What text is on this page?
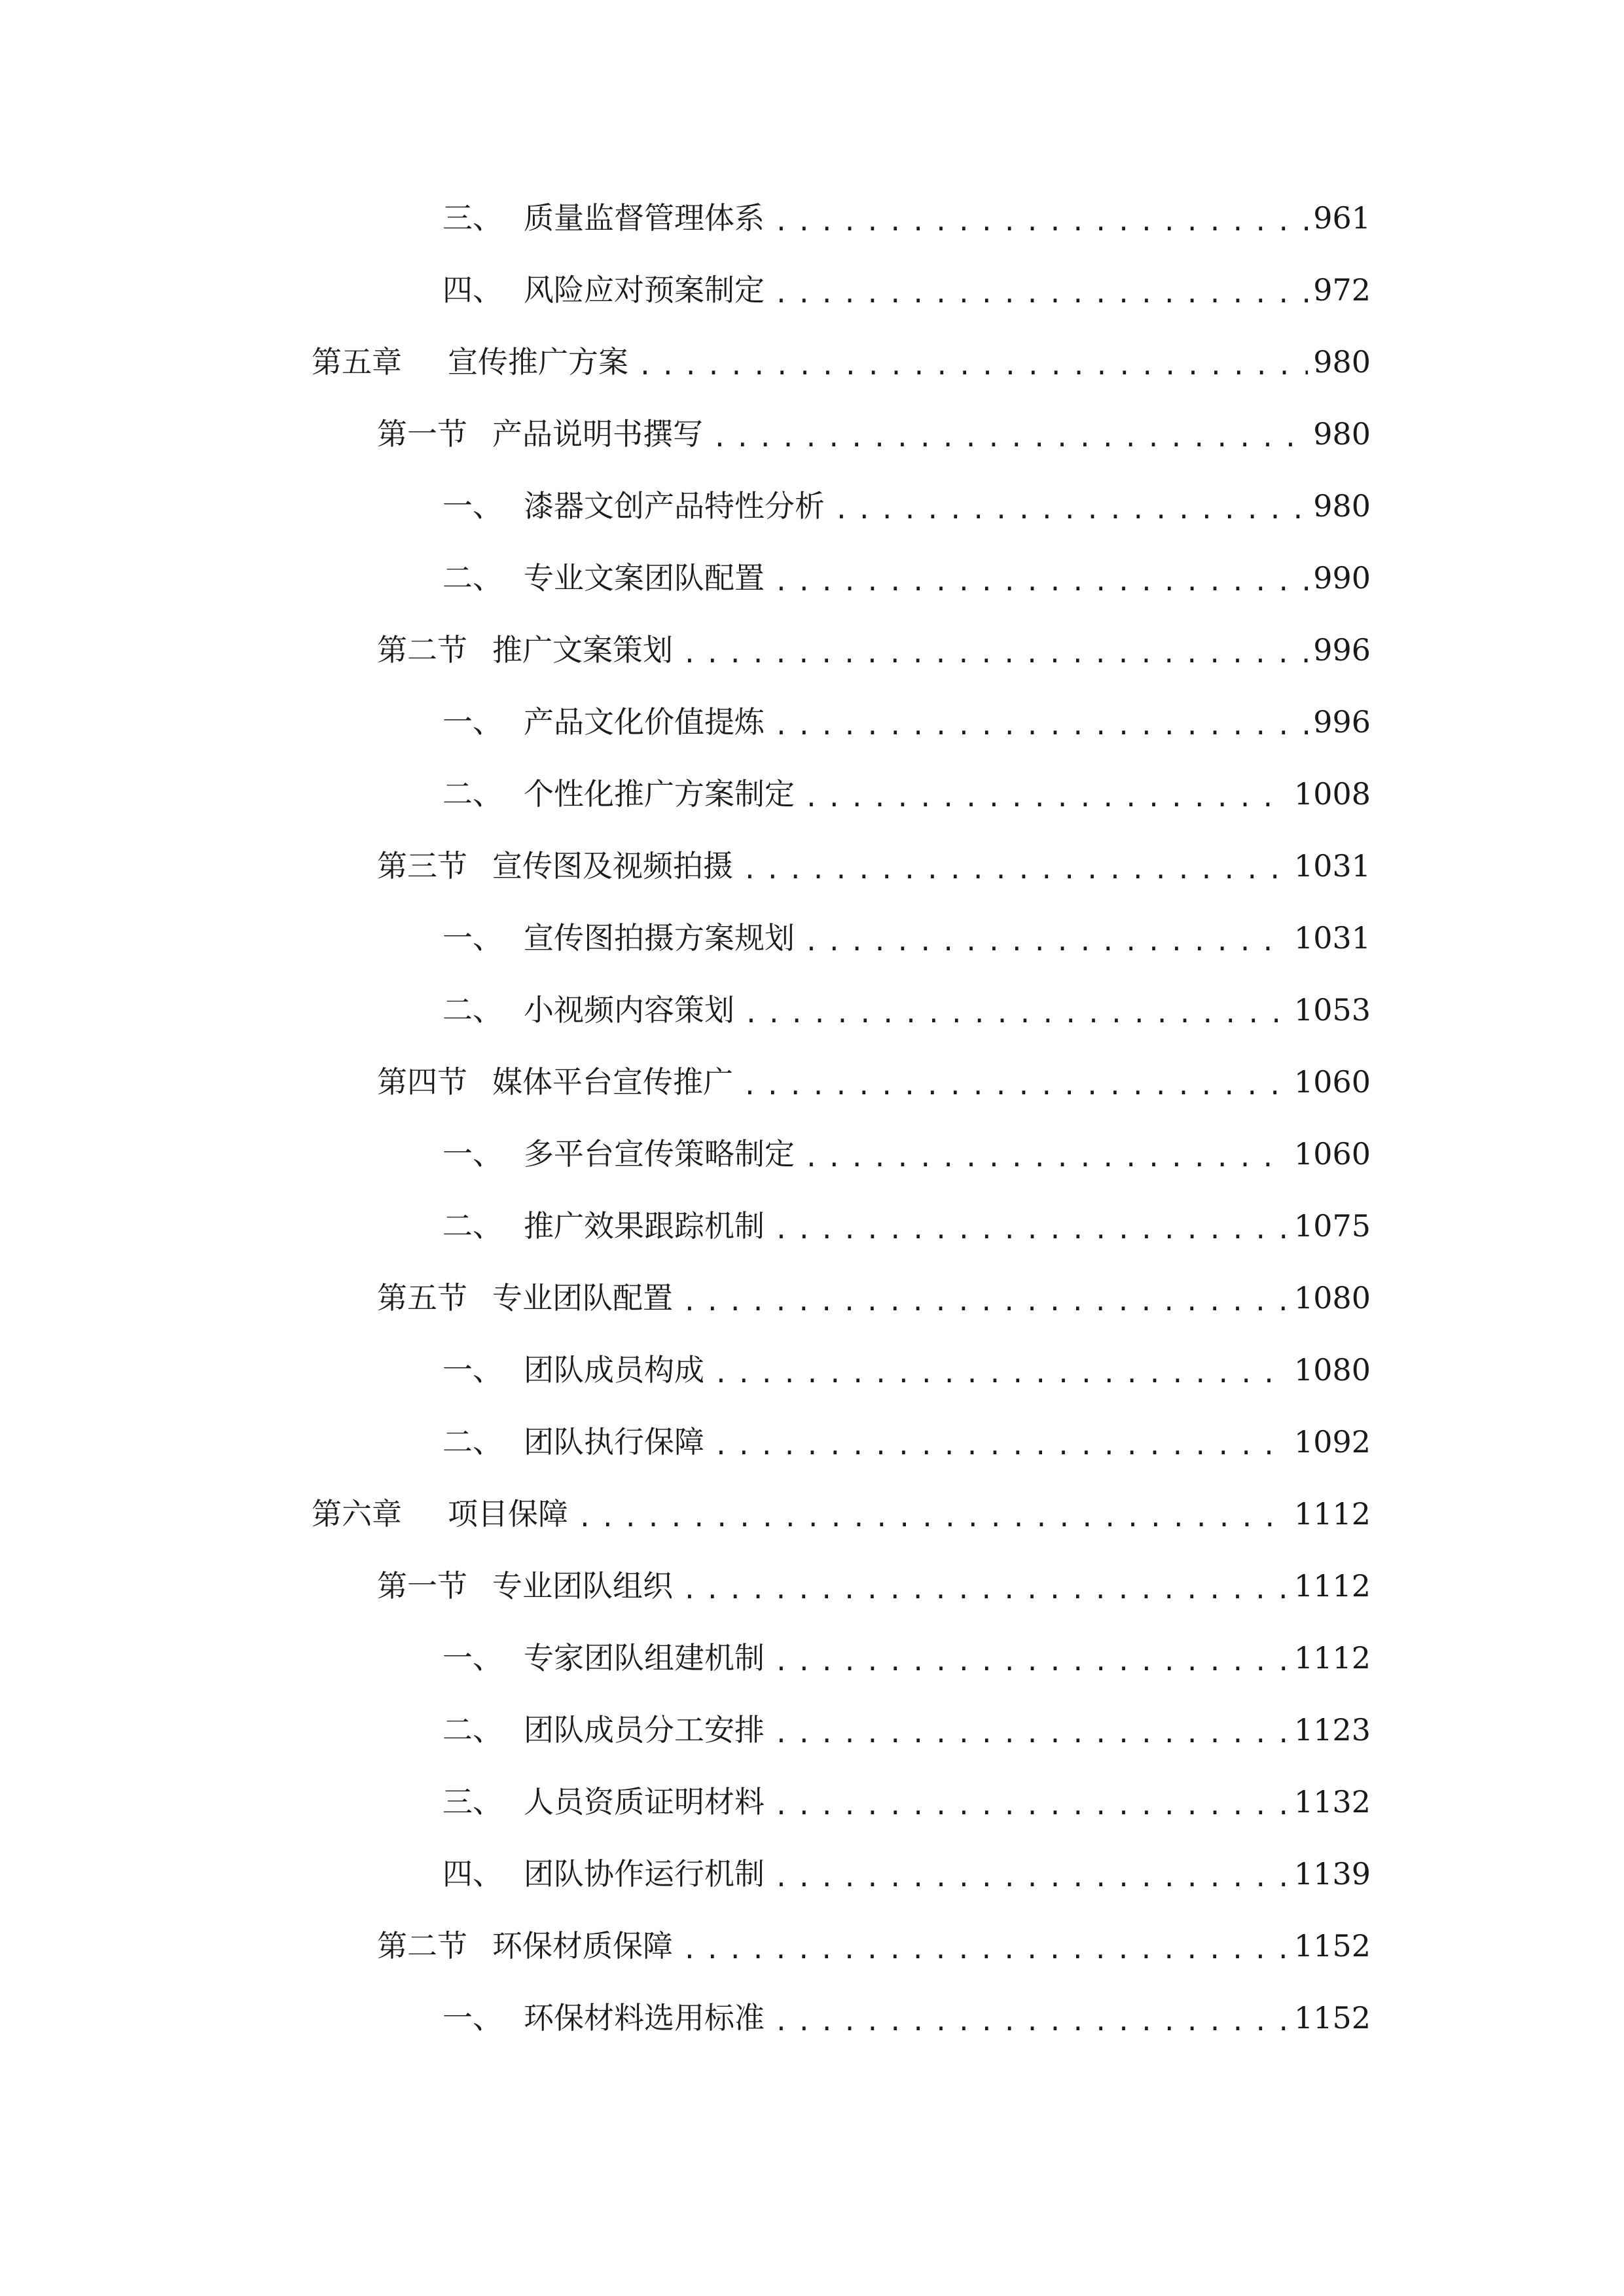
三、 质量监督管理体系 .....	961
四、 风险应对预案制定 .....	972
第五章	宣传推广方案 .....	980
第一节 产品说明书撰写 .....	980
一、 漆器文创产品特性分析 .....	980
二、 专业文案团队配置 .....	990
第二节 推广文案策划 .....	996
一、 产品文化价值提炼 .....	996
二、 个性化推广方案制定 .....	1008
第三节 宣传图及视频拍摄 .....	1031
一、 宣传图拍摄方案规划 .....	1031
二、 小视频内容策划 .....	1053
第四节 媒体平台宣传推广 .....	1060
一、 多平台宣传策略制定 .....	1060
二、 推广效果跟踪机制 .....	1075
第五节 专业团队配置 .....	1080
一、 团队成员构成 .....	1080
二、 团队执行保障 .....	1092
第六章	项目保障 .....	1112
第一节 专业团队组织 .....	1112
一、 专家团队组建机制 .....	1112
二、 团队成员分工安排 .....	1123
三、 人员资质证明材料 .....	1132
四、 团队协作运行机制 .....	1139
第二节 环保材质保障 .....	1152
一、 环保材料选用标准 .....	1152
